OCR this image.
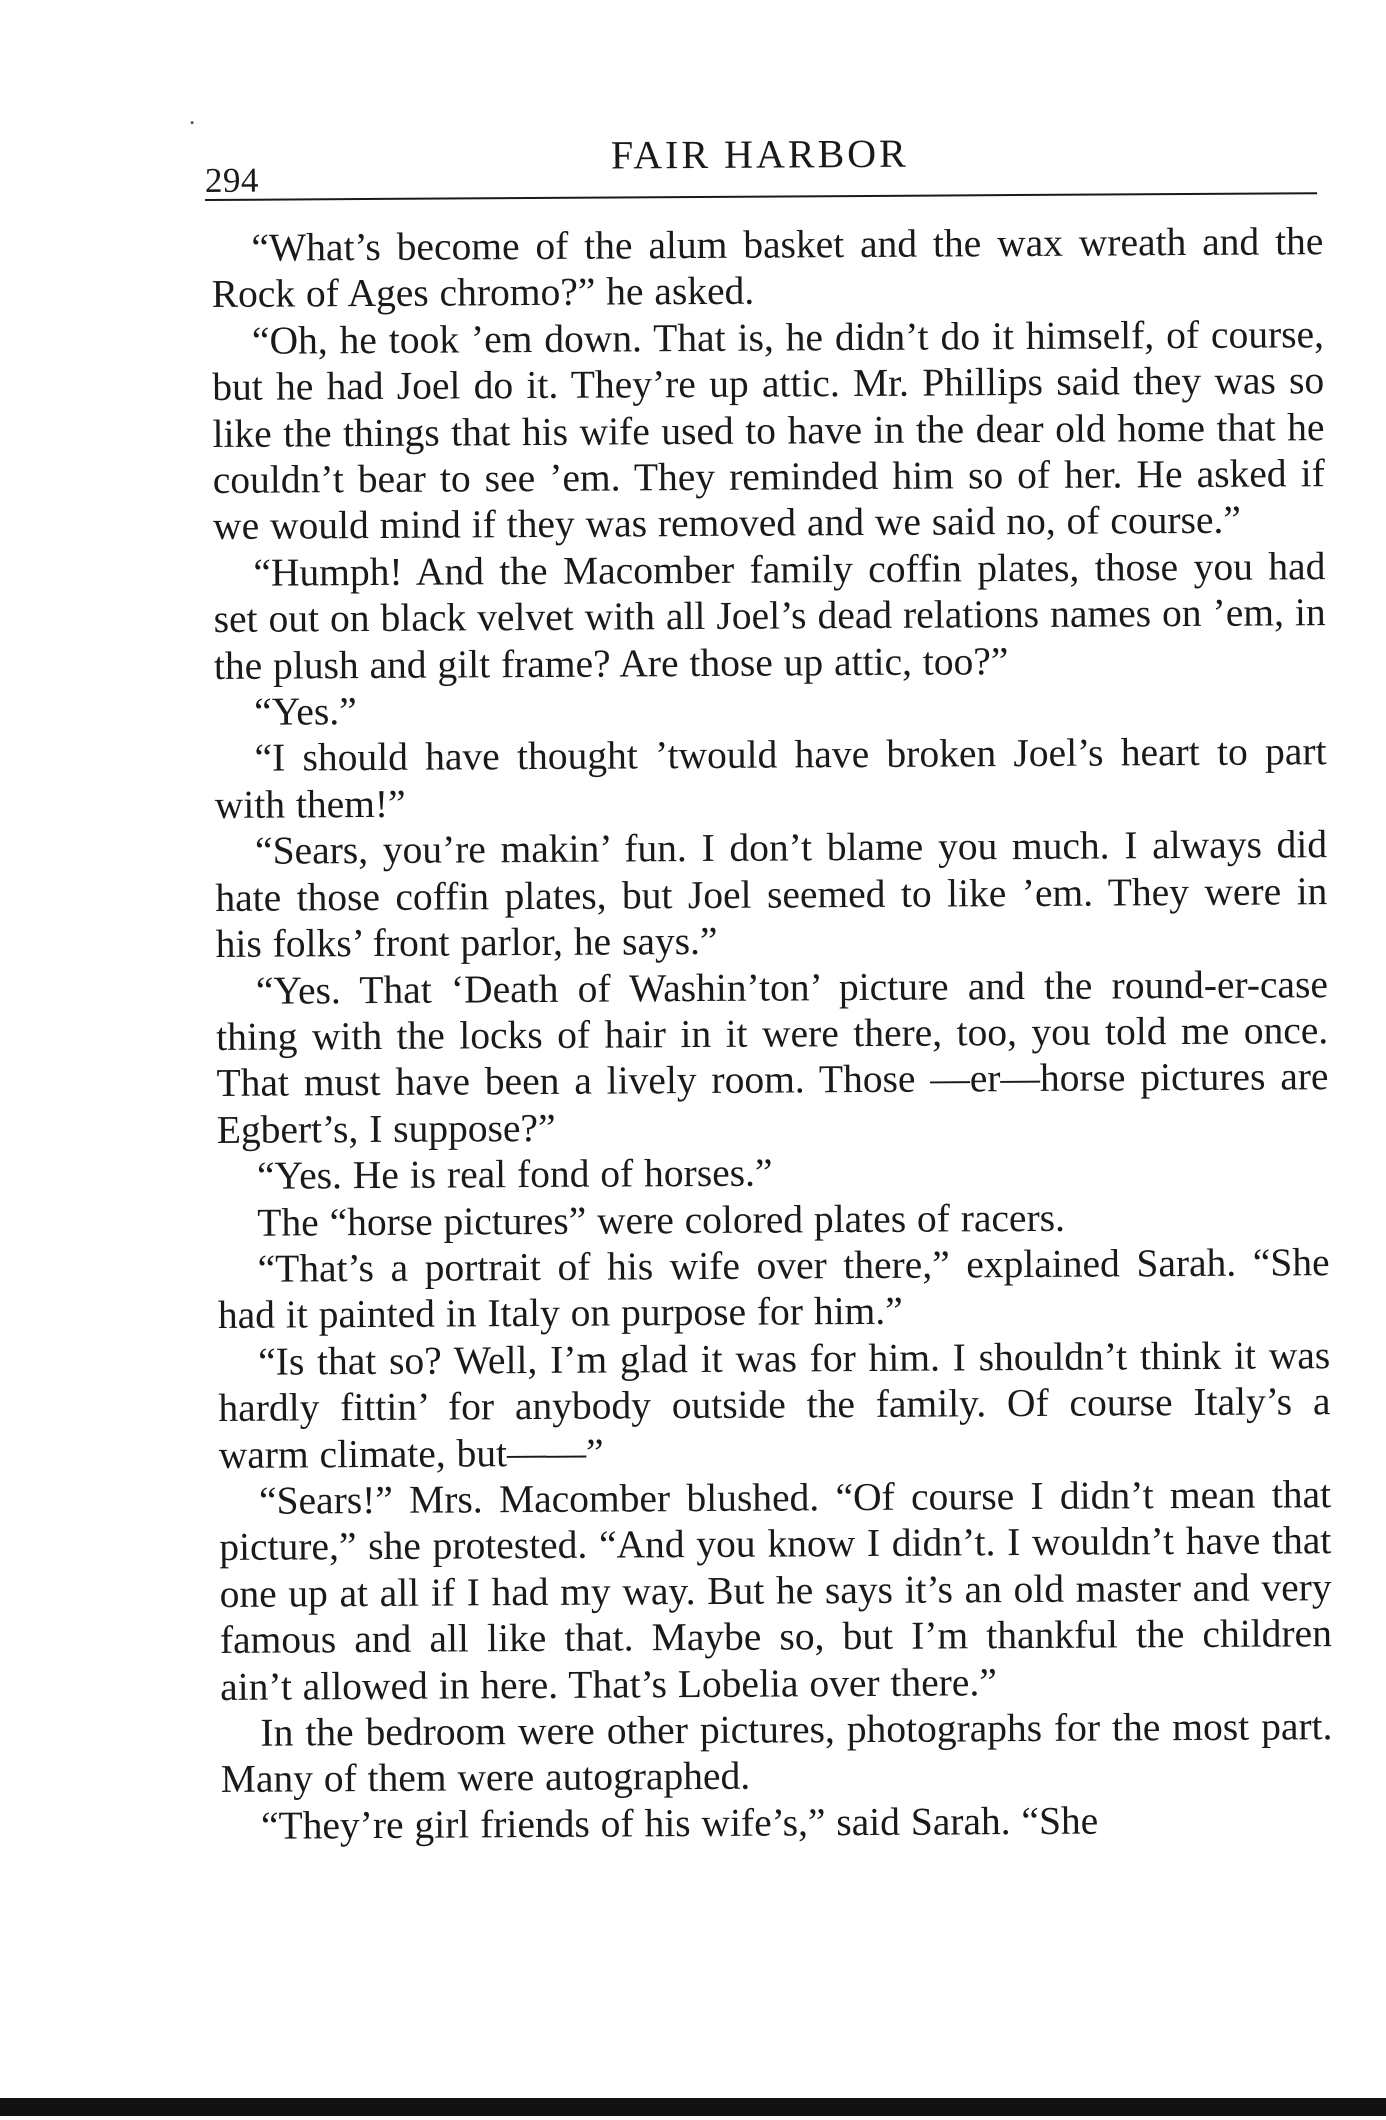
294
FAIR HARBOR

“What’s become of the alum basket and the wax wreath and the Rock of Ages chromo?” he asked.

“Oh, he took ’em down. That is, he didn’t do it himself, of course, but he had Joel do it. They’re up attic. Mr. Phillips said they was so like the things that his wife used to have in the dear old home that he couldn’t bear to see ’em. They reminded him so of her. He asked if we would mind if they was removed and we said no, of course.”

“Humph! And the Macomber family coffin plates, those you had set out on black velvet with all Joel’s dead relations names on ’em, in the plush and gilt frame? Are those up attic, too?”

“Yes.”

“I should have thought ’twould have broken Joel’s heart to part with them!”

“Sears, you’re makin’ fun. I don’t blame you much. I always did hate those coffin plates, but Joel seemed to like ’em. They were in his folks’ front parlor, he says.”

“Yes. That ‘Death of Washin’ton’ picture and the round-er-case thing with the locks of hair in it were there, too, you told me once. That must have been a lively room. Those —er—horse pictures are Egbert’s, I suppose?”

“Yes. He is real fond of horses.”

The “horse pictures” were colored plates of racers.

“That’s a portrait of his wife over there,” explained Sarah. “She had it painted in Italy on purpose for him.”

“Is that so? Well, I’m glad it was for him. I shouldn’t think it was hardly fittin’ for anybody outside the family. Of course Italy’s a warm climate, but——”

“Sears!” Mrs. Macomber blushed. “Of course I didn’t mean that picture,” she protested. “And you know I didn’t. I wouldn’t have that one up at all if I had my way. But he says it’s an old master and very famous and all like that. Maybe so, but I’m thankful the children ain’t allowed in here. That’s Lobelia over there.”

In the bedroom were other pictures, photographs for the most part. Many of them were autographed.

“They’re girl friends of his wife’s,” said Sarah. “She
